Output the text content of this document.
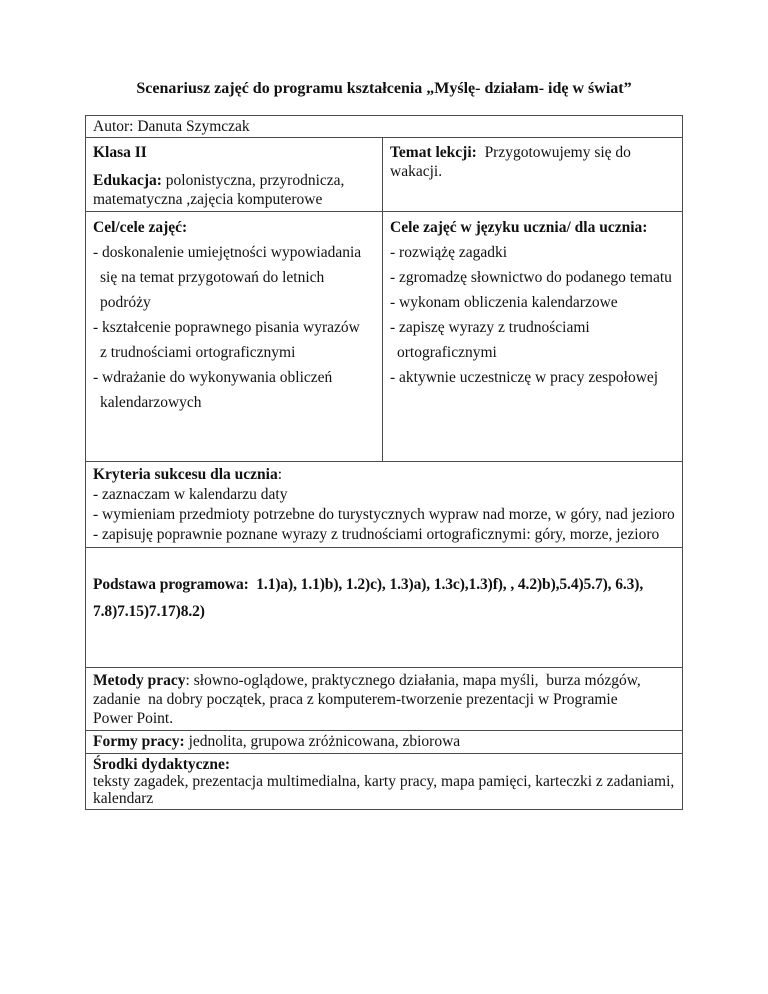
Scenariusz zajęć do programu kształcenia „Myślę- działam- idę w świat”
Autor: Danuta Szymczak
Klasa II
Edukacja: polonistyczna, przyrodnicza,
matematyczna ,zajęcia komputerowe
Temat lekcji:  Przygotowujemy się do
wakacji.
Cel/cele zajęć:
- doskonalenie umiejętności wypowiadania
się na temat przygotowań do letnich
podróży
- kształcenie poprawnego pisania wyrazów
z trudnościami ortograficznymi
- wdrażanie do wykonywania obliczeń
kalendarzowych
Cele zajęć w języku ucznia/ dla ucznia:
- rozwiążę zagadki
- zgromadzę słownictwo do podanego tematu
- wykonam obliczenia kalendarzowe
- zapiszę wyrazy z trudnościami
ortograficznymi
- aktywnie uczestniczę w pracy zespołowej
Kryteria sukcesu dla ucznia:
- zaznaczam w kalendarzu daty
- wymieniam przedmioty potrzebne do turystycznych wypraw nad morze, w góry, nad jezioro
- zapisuję poprawnie poznane wyrazy z trudnościami ortograficznymi: góry, morze, jezioro
Podstawa programowa:  1.1)a), 1.1)b), 1.2)c), 1.3)a), 1.3c),1.3)f), , 4.2)b),5.4)5.7), 6.3),
7.8)7.15)7.17)8.2)
Metody pracy: słowno-oglądowe, praktycznego działania, mapa myśli,  burza mózgów,
zadanie  na dobry początek, praca z komputerem-tworzenie prezentacji w Programie
Power Point.
Formy pracy: jednolita, grupowa zróżnicowana, zbiorowa
Środki dydaktyczne:
teksty zagadek, prezentacja multimedialna, karty pracy, mapa pamięci, karteczki z zadaniami,
kalendarz
